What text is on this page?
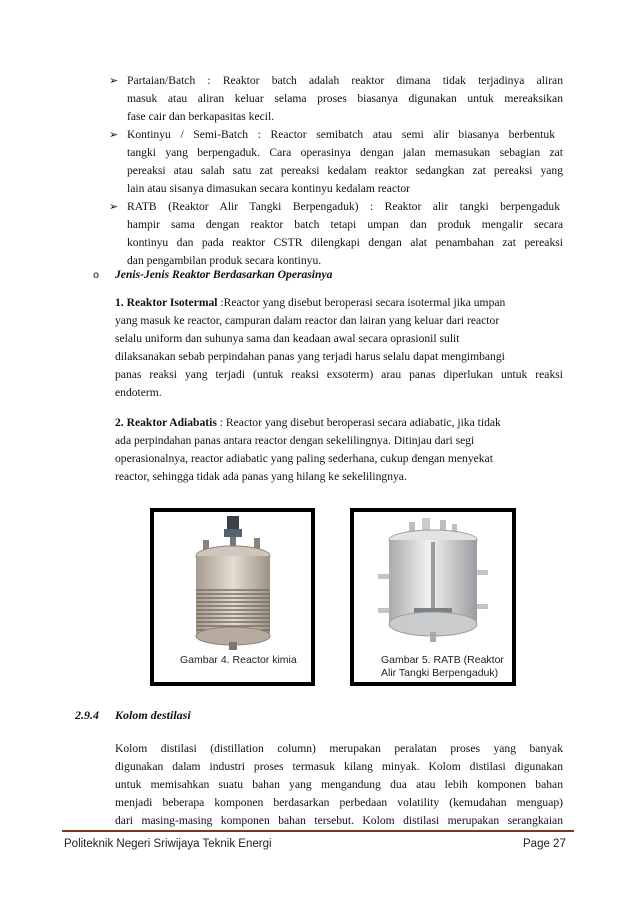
➢ Partaian/Batch : Reaktor batch adalah reaktor dimana tidak terjadinya aliran
masuk atau aliran keluar selama proses biasanya digunakan untuk mereaksikan
fase cair dan berkapasitas kecil.
➢ Kontinyu / Semi-Batch : Reactor semibatch atau semi alir biasanya berbentuk
tangki yang berpengaduk. Cara operasinya dengan jalan memasukan sebagian zat
pereaksi atau salah satu zat pereaksi kedalam reaktor sedangkan zat pereaksi yang
lain atau sisanya dimasukan secara kontinyu kedalam reactor
➢ RATB (Reaktor Alir Tangki Berpengaduk) : Reaktor alir tangki berpengaduk
hampir sama dengan reaktor batch tetapi umpan dan produk mengalir secara
kontinyu dan pada reaktor CSTR dilengkapi dengan alat penambahan zat pereaksi
dan pengambilan produk secara kontinyu.
o Jenis-Jenis Reaktor Berdasarkan Operasinya
1. Reaktor Isotermal :Reactor yang disebut beroperasi secara isotermal jika umpan
yang masuk ke reactor, campuran dalam reactor dan lairan yang keluar dari reactor
selalu uniform dan suhunya sama dan keadaan awal secara oprasionil sulit
dilaksanakan sebab perpindahan panas yang terjadi harus selalu dapat mengimbangi
panas reaksi yang terjadi (untuk reaksi exsoterm) arau panas diperlukan untuk reaksi
endoterm.
2. Reaktor Adiabatis : Reactor yang disebut beroperasi secara adiabatic, jika tidak
ada perpindahan panas antara reactor dengan sekelilingnya. Ditinjau dari segi
operasionalnya, reactor adiabatic yang paling sederhana, cukup dengan menyekat
reactor, sehingga tidak ada panas yang hilang ke sekelilingnya.
Gambar 4. Reactor kimia	Gambar 5. RATB (Reaktor
Alir Tangki Berpengaduk)
2.9.4 Kolom destilasi
Kolom distilasi (distillation column) merupakan peralatan proses yang banyak
digunakan dalam industri proses termasuk kilang minyak. Kolom distilasi digunakan
untuk memisahkan suatu bahan yang mengandung dua atau lebih komponen bahan
menjadi beberapa komponen berdasarkan perbedaan volatility (kemudahan menguap)
dari masing-masing komponen bahan tersebut. Kolom distilasi merupakan serangkaian
Politeknik Negeri Sriwijaya Teknik Energi	Page 27
